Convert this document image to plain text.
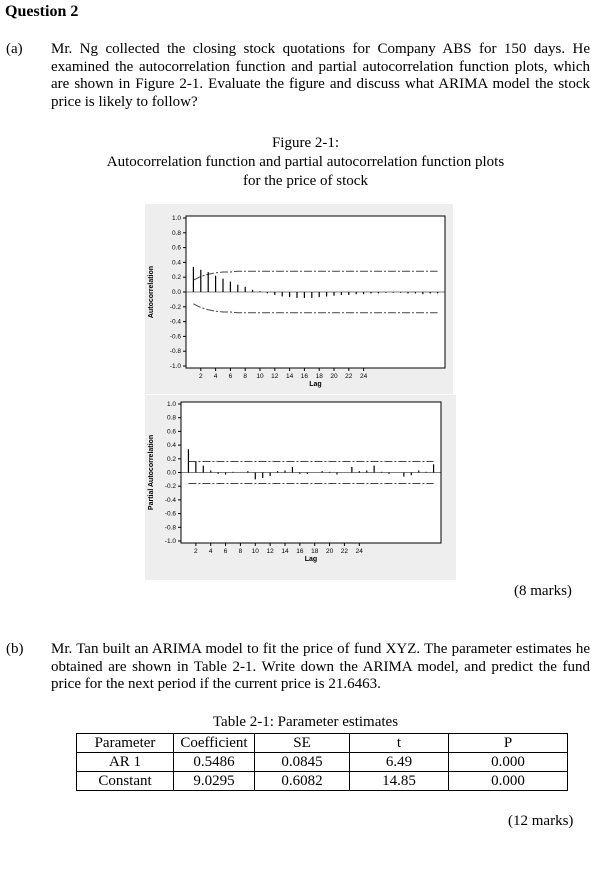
Question 2
(a) Mr. Ng collected the closing stock quotations for Company ABS for 150 days. He examined the autocorrelation function and partial autocorrelation function plots, which are shown in Figure 2-1. Evaluate the figure and discuss what ARIMA model the stock price is likely to follow?
Figure 2-1:
Autocorrelation function and partial autocorrelation function plots
for the price of stock
1.0
0.8
0.6
0.4
0.2
0.0
-0.2
-0.4
-0.6
-0.8
-1.0
2 4 6 8 10 12 14 16 18 20 22 24
Lag
Autocorrelation
1.0
0.8
0.6
0.4
0.2
0.0
-0.2
-0.4
-0.6
-0.8
-1.0
2 4 6 8 10 12 14 16 18 20 22 24
Lag
Partial Autocorrelation
(8 marks)
(b) Mr. Tan built an ARIMA model to fit the price of fund XYZ. The parameter estimates he obtained are shown in Table 2-1. Write down the ARIMA model, and predict the fund price for the next period if the current price is 21.6463.
Table 2-1: Parameter estimates
Parameter	Coefficient	SE	t	P
AR 1	0.5486	0.0845	6.49	0.000
Constant	9.0295	0.6082	14.85	0.000
(12 marks)
